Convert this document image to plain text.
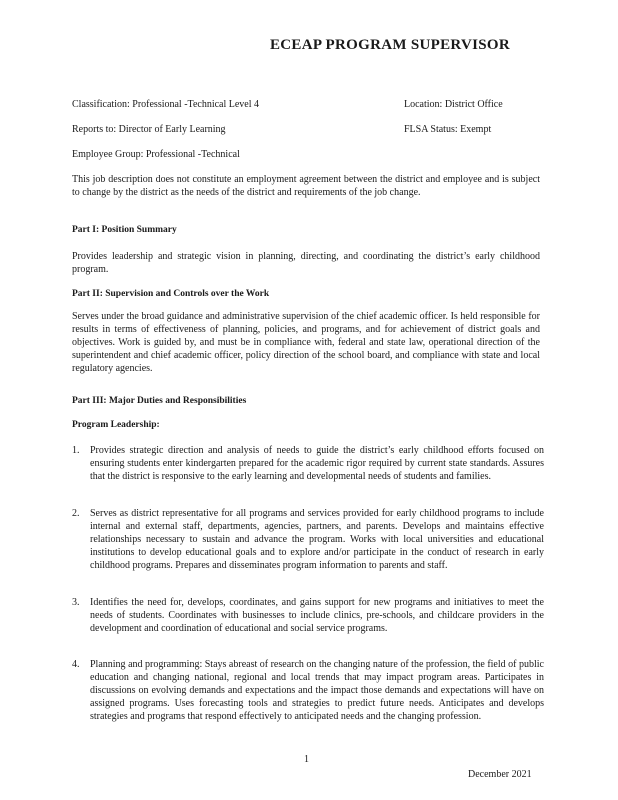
ECEAP PROGRAM SUPERVISOR
Classification: Professional -Technical Level 4	Location: District Office
Reports to: Director of Early Learning	FLSA Status: Exempt
Employee Group: Professional -Technical
This job description does not constitute an employment agreement between the district and employee and is subject to change by the district as the needs of the district and requirements of the job change.
Part I: Position Summary
Provides leadership and strategic vision in planning, directing, and coordinating the district’s early childhood program.
Part II: Supervision and Controls over the Work
Serves under the broad guidance and administrative supervision of the chief academic officer. Is held responsible for results in terms of effectiveness of planning, policies, and programs, and for achievement of district goals and objectives. Work is guided by, and must be in compliance with, federal and state law, operational direction of the superintendent and chief academic officer, policy direction of the school board, and compliance with state and local regulatory agencies.
Part III: Major Duties and Responsibilities
Program Leadership:
1. Provides strategic direction and analysis of needs to guide the district’s early childhood efforts focused on ensuring students enter kindergarten prepared for the academic rigor required by current state standards. Assures that the district is responsive to the early learning and developmental needs of students and families.
2. Serves as district representative for all programs and services provided for early childhood programs to include internal and external staff, departments, agencies, partners, and parents. Develops and maintains effective relationships necessary to sustain and advance the program. Works with local universities and educational institutions to develop educational goals and to explore and/or participate in the conduct of research in early childhood programs. Prepares and disseminates program information to parents and staff.
3. Identifies the need for, develops, coordinates, and gains support for new programs and initiatives to meet the needs of students. Coordinates with businesses to include clinics, pre-schools, and childcare providers in the development and coordination of educational and social service programs.
4. Planning and programming: Stays abreast of research on the changing nature of the profession, the field of public education and changing national, regional and local trends that may impact program areas. Participates in discussions on evolving demands and expectations and the impact those demands and expectations will have on assigned programs. Uses forecasting tools and strategies to predict future needs. Anticipates and develops strategies and programs that respond effectively to anticipated needs and the changing profession.
1
December 2021
